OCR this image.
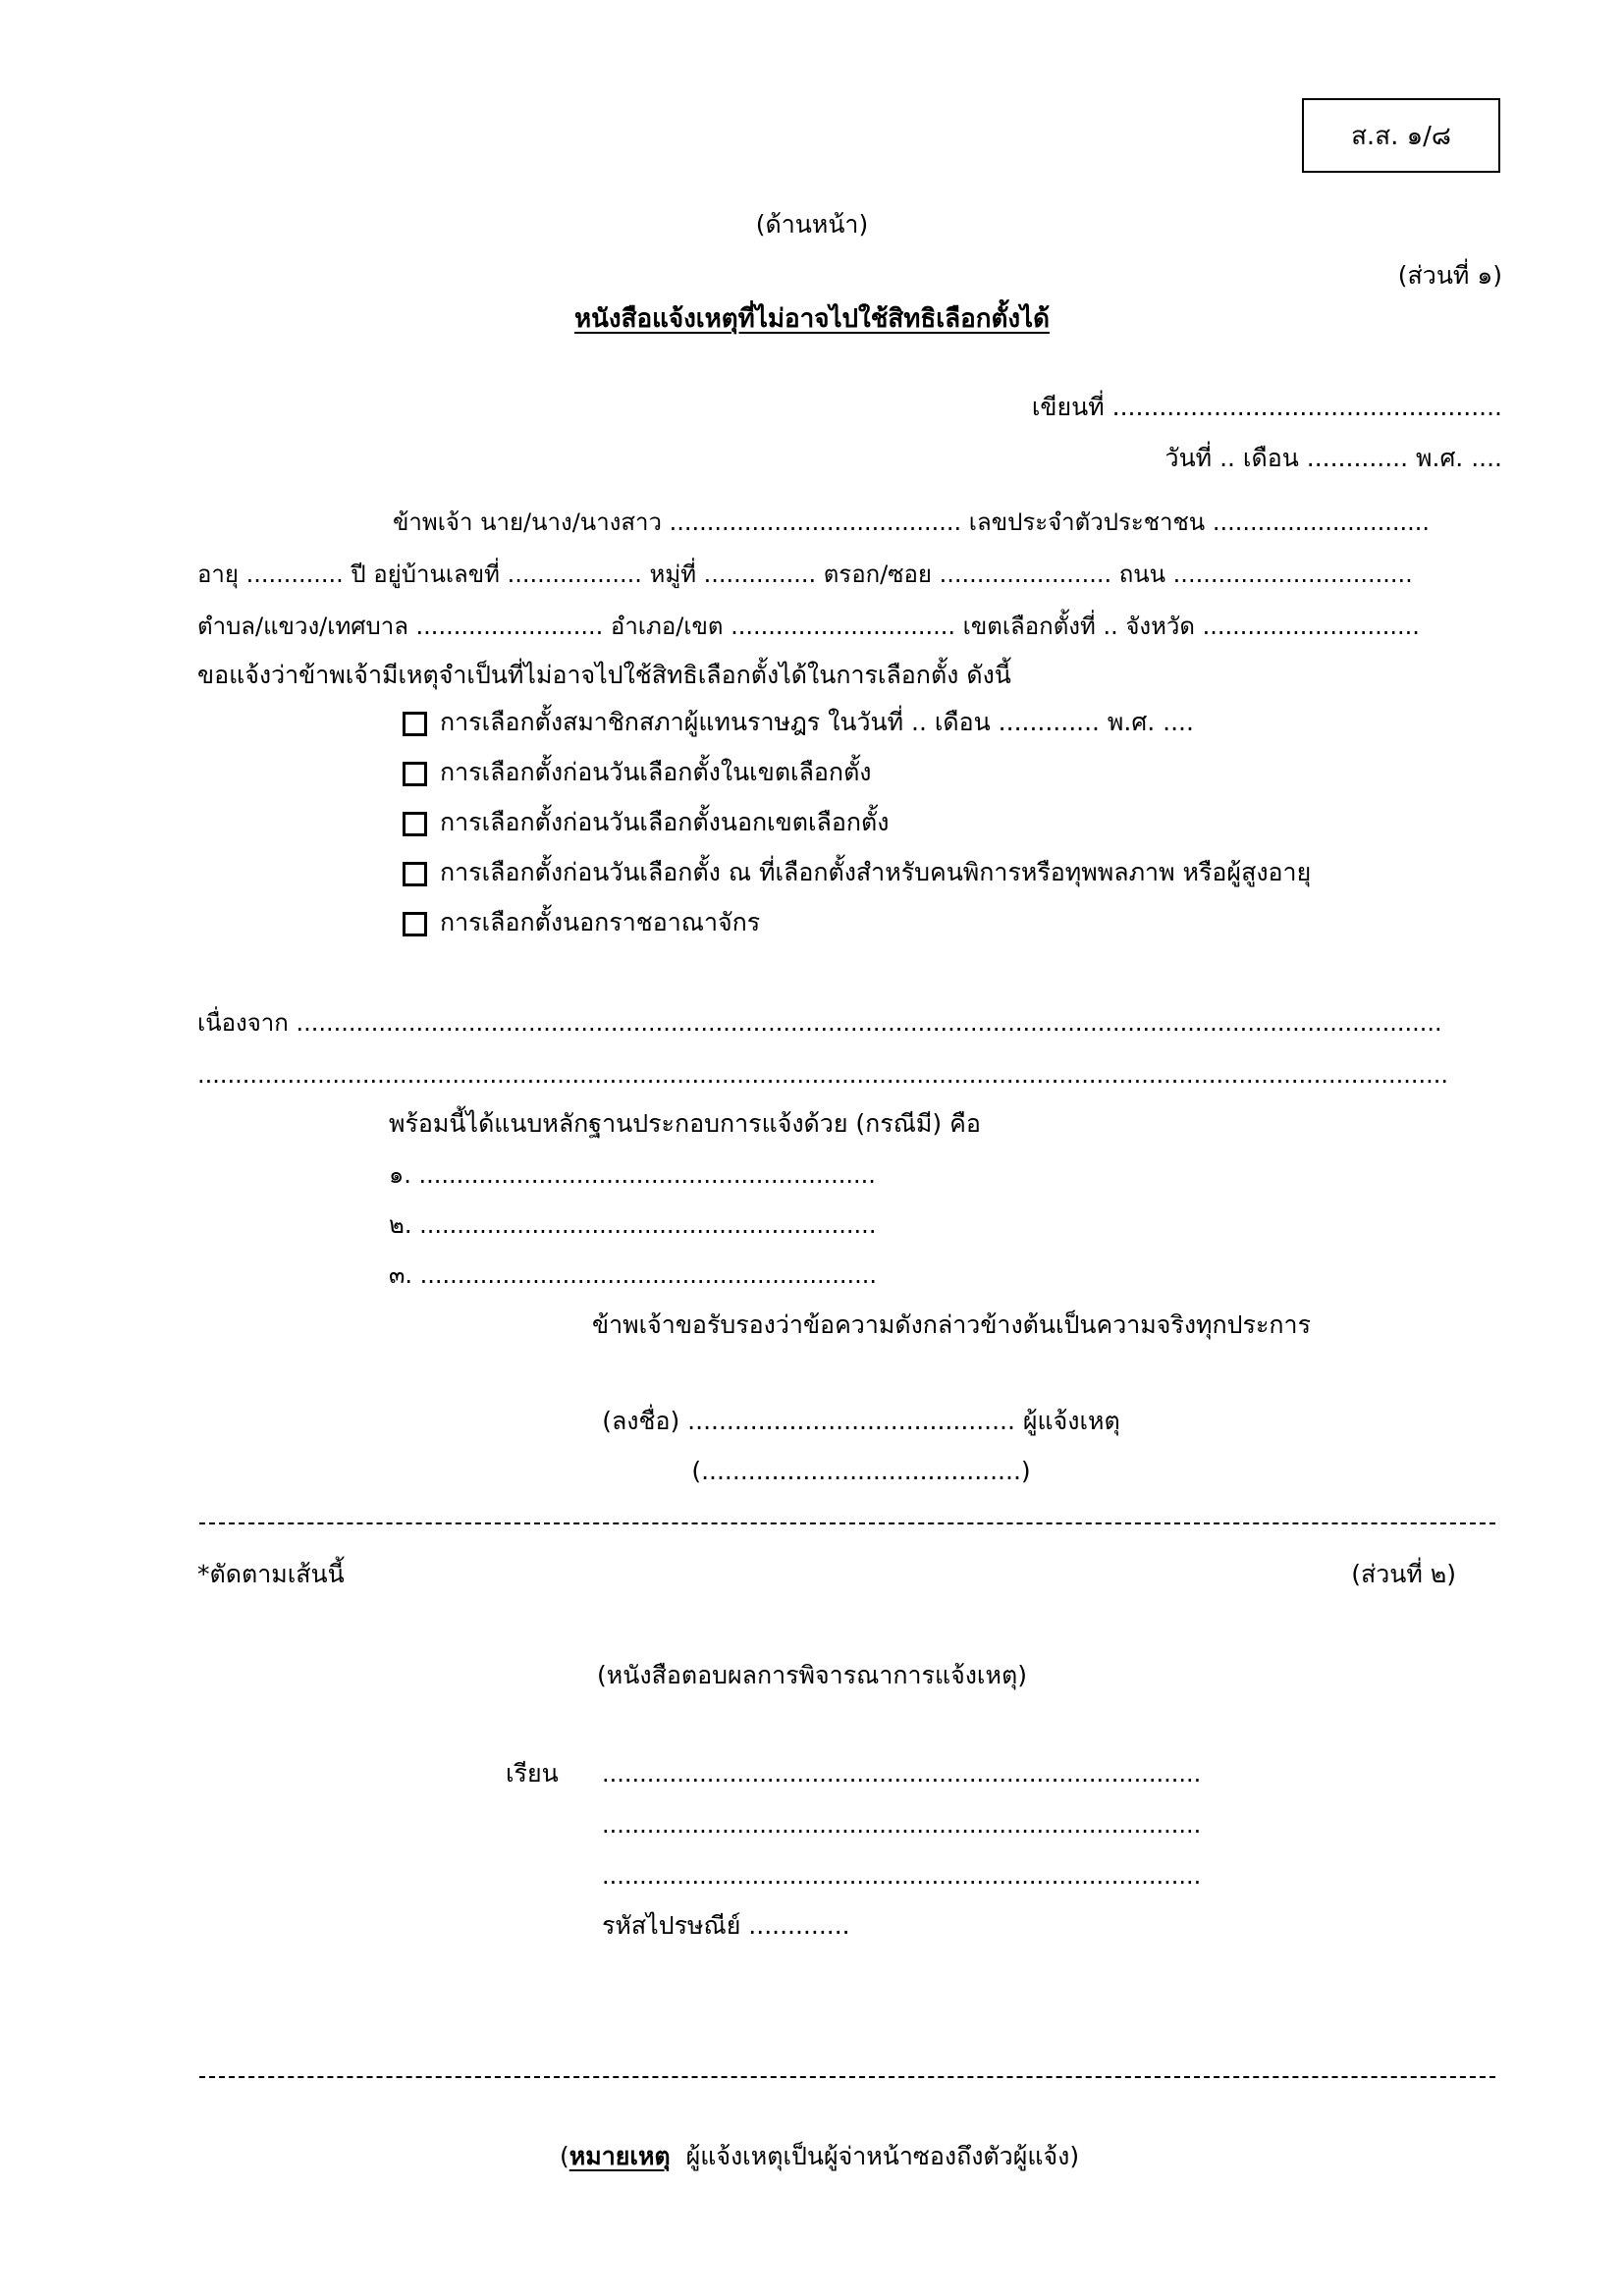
ส.ส. ๑/๘
(ด้านหน้า)
(ส่วนที่ ๑)
หนังสือแจ้งเหตุที่ไม่อาจไปใช้สิทธิเลือกตั้งได้
เขียนที่ ..................................................
วันที่ .. เดือน ............. พ.ศ. ....
ข้าพเจ้า นาย/นาง/นางสาว ....................................... เลขประจำตัวประชาชน .............................
อายุ ............. ปี อยู่บ้านเลขที่ .................. หมู่ที่ ............... ตรอก/ซอย ....................... ถนน ................................
ตำบล/แขวง/เทศบาล ......................... อำเภอ/เขต .............................. เขตเลือกตั้งที่ .. จังหวัด .............................
ขอแจ้งว่าข้าพเจ้ามีเหตุจำเป็นที่ไม่อาจไปใช้สิทธิเลือกตั้งได้ในการเลือกตั้ง ดังนี้
การเลือกตั้งสมาชิกสภาผู้แทนราษฎร ในวันที่ .. เดือน ............. พ.ศ. ....
การเลือกตั้งก่อนวันเลือกตั้งในเขตเลือกตั้ง
การเลือกตั้งก่อนวันเลือกตั้งนอกเขตเลือกตั้ง
การเลือกตั้งก่อนวันเลือกตั้ง ณ ที่เลือกตั้งสำหรับคนพิการหรือทุพพลภาพ หรือผู้สูงอายุ
การเลือกตั้งนอกราชอาณาจักร
เนื่องจาก .........................................................................................................................................................
.......................................................................................................................................................................
พร้อมนี้ได้แนบหลักฐานประกอบการแจ้งด้วย (กรณีมี) คือ
๑. .............................................................
๒. .............................................................
๓. .............................................................
ข้าพเจ้าขอรับรองว่าข้อความดังกล่าวข้างต้นเป็นความจริงทุกประการ
(ลงชื่อ) .......................................... ผู้แจ้งเหตุ
(.........................................)
*ตัดตามเส้นนี้	(ส่วนที่ ๒)
(หนังสือตอบผลการพิจารณาการแจ้งเหตุ)
เรียน	................................................................................
................................................................................
................................................................................
รหัสไปรษณีย์ .............
(หมายเหตุ  ผู้แจ้งเหตุเป็นผู้จ่าหน้าซองถึงตัวผู้แจ้ง)
